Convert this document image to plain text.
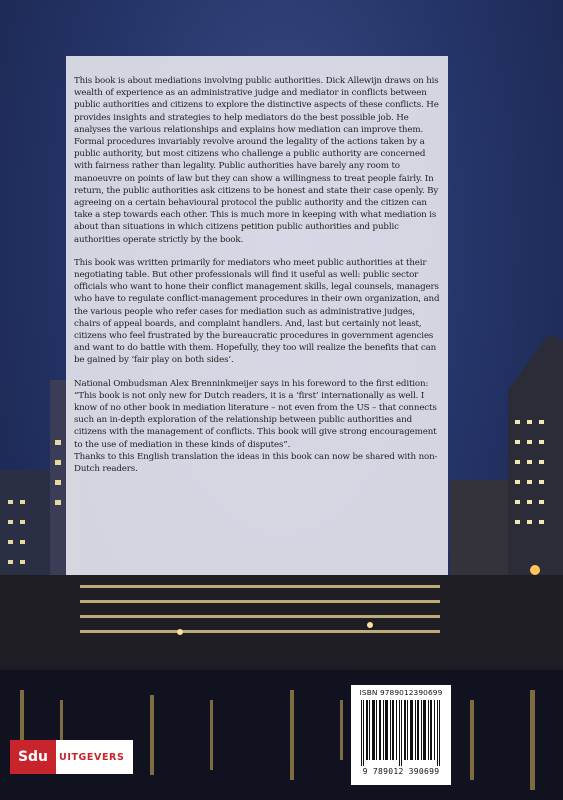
This book is about mediations involving public authorities. Dick Allewijn draws on his wealth of experience as an administrative judge and mediator in conflicts between public authorities and citizens to explore the distinctive aspects of these conflicts. He provides insights and strategies to help mediators do the best possible job. He analyses the various relationships and explains how mediation can improve them. Formal procedures invariably revolve around the legality of the actions taken by a public authority, but most citizens who challenge a public authority are concerned with fairness rather than legality. Public authorities have barely any room to manoeuvre on points of law but they can show a willingness to treat people fairly. In return, the public authorities ask citizens to be honest and state their case openly. By agreeing on a certain behavioural protocol the public authority and the citizen can take a step towards each other. This is much more in keeping with what mediation is about than situations in which citizens petition public authorities and public authorities operate strictly by the book.

This book was written primarily for mediators who meet public authorities at their negotiating table. But other professionals will find it useful as well: public sector officials who want to hone their conflict management skills, legal counsels, managers who have to regulate conflict-management procedures in their own organization, and the various people who refer cases for mediation such as administrative judges, chairs of appeal boards, and complaint handlers. And, last but certainly not least, citizens who feel frustrated by the bureaucratic procedures in government agencies and want to do battle with them. Hopefully, they too will realize the benefits that can be gained by ‘fair play on both sides’.

National Ombudsman Alex Brenninkmeijer says in his foreword to the first edition: “This book is not only new for Dutch readers, it is a ‘first’ internationally as well. I know of no other book in mediation literature – not even from the US – that connects such an in-depth exploration of the relationship between public authorities and citizens with the management of conflicts. This book will give strong encouragement to the use of mediation in these kinds of disputes”.

Thanks to this English translation the ideas in this book can now be shared with non-Dutch readers.

ISBN 9789012390699
9 789012 390699
Sdu	UITGEVERS
